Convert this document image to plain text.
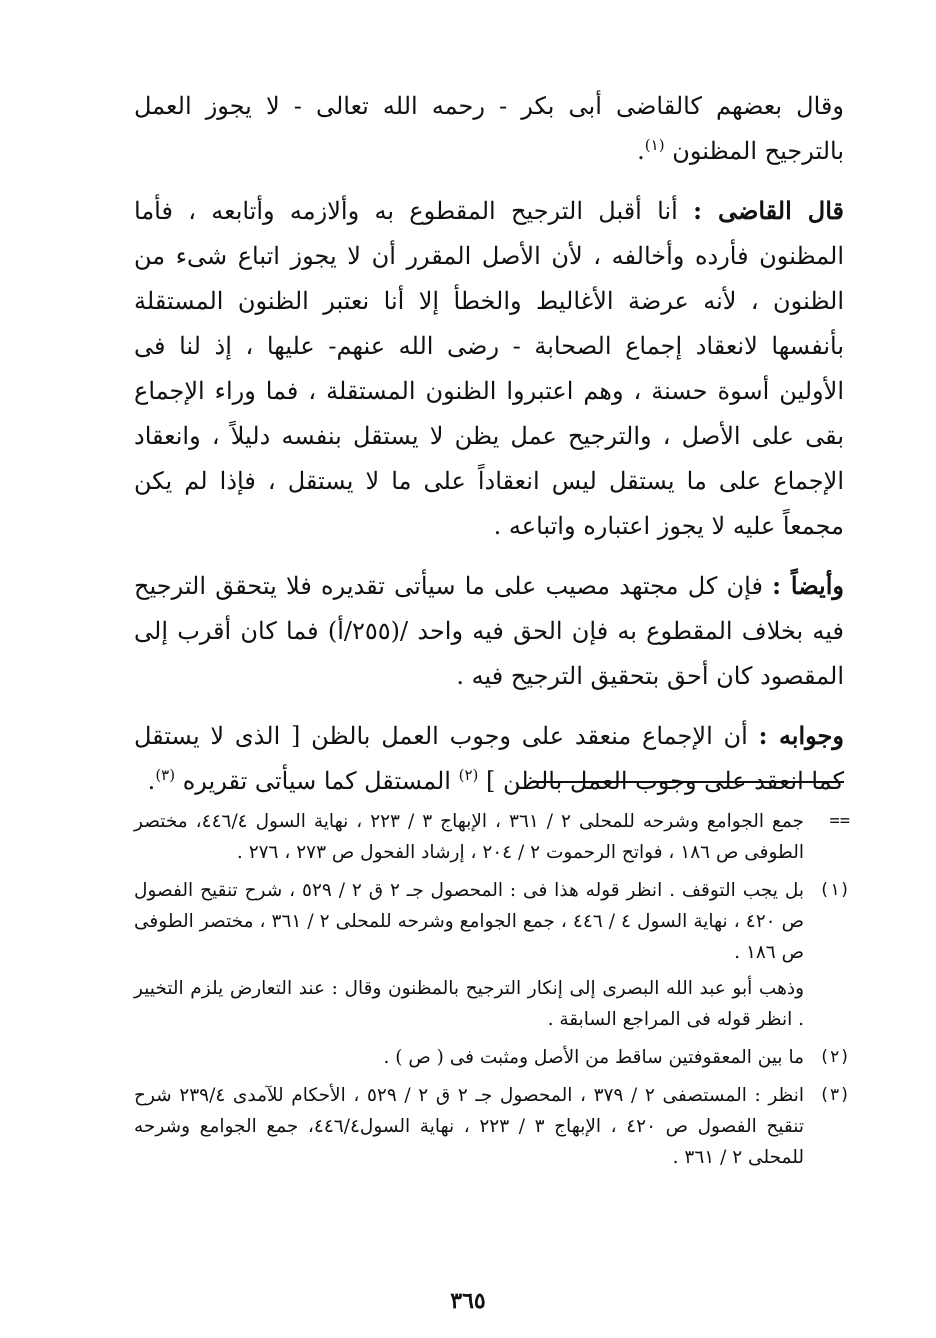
وقال بعضهم كالقاضى أبى بكر - رحمه الله تعالى - لا يجوز العمل بالترجيح المظنون $^{(١)}$.

قال القاضى : أنا أقبل الترجيح المقطوع به وألازمه وأتابعه ، فأما المظنون فأرده وأخالفه ، لأن الأصل المقرر أن لا يجوز اتباع شىء من الظنون ، لأنه عرضة الأغاليط والخطأ إلا أنا نعتبر الظنون المستقلة بأنفسها لانعقاد إجماع الصحابة - رضى الله عنهم- عليها ، إذ لنا فى الأولين أسوة حسنة ، وهم اعتبروا الظنون المستقلة ، فما وراء الإجماع بقى على الأصل ، والترجيح عمل يظن لا يستقل بنفسه دليلاً ، وانعقاد الإجماع على ما يستقل ليس انعقاداً على ما لا يستقل ، فإذا لم يكن مجمعاً عليه لا يجوز اعتباره واتباعه .

وأيضاً : فإن كل مجتهد مصيب على ما سيأتى تقديره فلا يتحقق الترجيح فيه بخلاف المقطوع به فإن الحق فيه واحد /(٢٥٥/أ) فما كان أقرب إلى المقصود كان أحق بتحقيق الترجيح فيه .

وجوابه : أن الإجماع منعقد على وجوب العمل بالظن [ الذى لا يستقل كما انعقد على وجوب العمل بالظن ] $^{(٢)}$ المستقل كما سيأتى تقريره $^{(٣)}$.

==
جمع الجوامع وشرحه للمحلى ٢ / ٣٦١ ، الإبهاج ٣ / ٢٢٣ ، نهاية السول ٤٤٦/٤، مختصر الطوفى ص ١٨٦ ، فواتح الرحموت ٢ / ٢٠٤ ، إرشاد الفحول ص ٢٧٣ ، ٢٧٦ .
(١)
بل يجب التوقف . انظر قوله هذا فى : المحصول جـ ٢ ق ٢ / ٥٢٩ ، شرح تنقيح الفصول ص ٤٢٠ ، نهاية السول ٤ / ٤٤٦ ، جمع الجوامع وشرحه للمحلى ٢ / ٣٦١ ، مختصر الطوفى ص ١٨٦ .
وذهب أبو عبد الله البصرى إلى إنكار الترجيح بالمظنون وقال : عند التعارض يلزم التخيير . انظر قوله فى المراجع السابقة .
(٢)
ما بين المعقوفتين ساقط من الأصل ومثبت فى ( ص ) .
(٣)
انظر : المستصفى ٢ / ٣٧٩ ، المحصول جـ ٢ ق ٢ / ٥٢٩ ، الأحكام للآمدى ٢٣٩/٤ شرح تنقيح الفصول ص ٤٢٠ ، الإبهاج ٣ / ٢٢٣ ، نهاية السول٤٤٦/٤، جمع الجوامع وشرحه للمحلى ٢ / ٣٦١ .
٣٦٥
